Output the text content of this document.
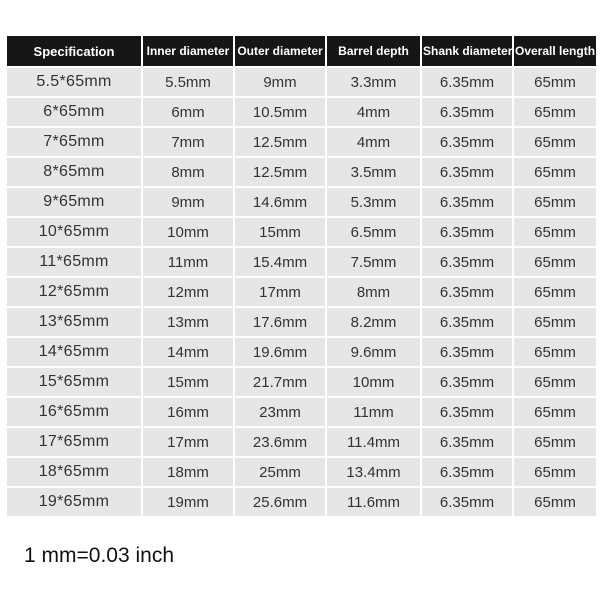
Specification	Inner diameter	Outer diameter	Barrel depth	Shank diameter	Overall length
5.5*65mm	5.5mm	9mm	3.3mm	6.35mm	65mm
6*65mm	6mm	10.5mm	4mm	6.35mm	65mm
7*65mm	7mm	12.5mm	4mm	6.35mm	65mm
8*65mm	8mm	12.5mm	3.5mm	6.35mm	65mm
9*65mm	9mm	14.6mm	5.3mm	6.35mm	65mm
10*65mm	10mm	15mm	6.5mm	6.35mm	65mm
11*65mm	11mm	15.4mm	7.5mm	6.35mm	65mm
12*65mm	12mm	17mm	8mm	6.35mm	65mm
13*65mm	13mm	17.6mm	8.2mm	6.35mm	65mm
14*65mm	14mm	19.6mm	9.6mm	6.35mm	65mm
15*65mm	15mm	21.7mm	10mm	6.35mm	65mm
16*65mm	16mm	23mm	11mm	6.35mm	65mm
17*65mm	17mm	23.6mm	11.4mm	6.35mm	65mm
18*65mm	18mm	25mm	13.4mm	6.35mm	65mm
19*65mm	19mm	25.6mm	11.6mm	6.35mm	65mm
1 mm=0.03 inch
